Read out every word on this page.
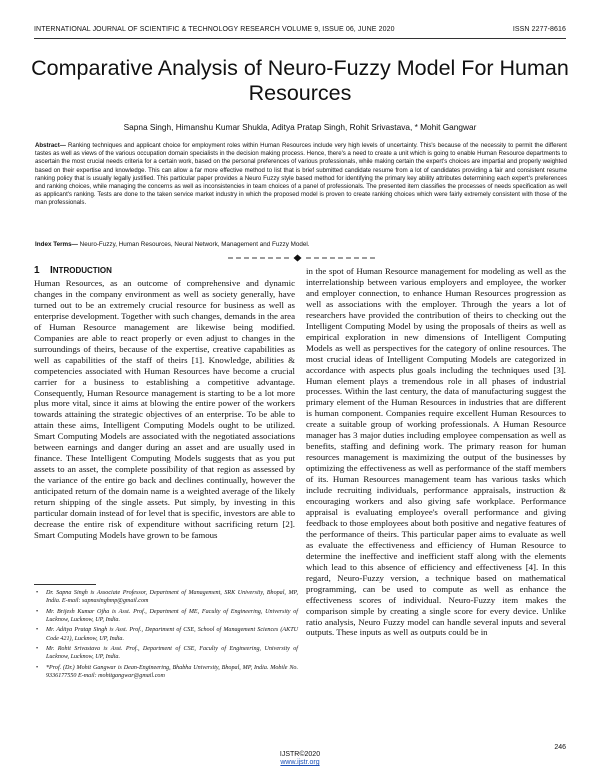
INTERNATIONAL JOURNAL OF SCIENTIFIC & TECHNOLOGY RESEARCH VOLUME 9, ISSUE 06, JUNE 2020	ISSN 2277-8616
Comparative Analysis of Neuro-Fuzzy Model For Human Resources
Sapna Singh, Himanshu Kumar Shukla, Aditya Pratap Singh, Rohit Srivastava, * Mohit Gangwar
Abstract— Ranking techniques and applicant choice for employment roles within Human Resources include very high levels of uncertainty. This's because of the necessity to permit the different tastes as well as views of the various occupation domain specialists in the decision making process. Hence, there's a need to create a unit which is going to enable Human Resource departments to ascertain the most crucial needs criteria for a certain work, based on the personal preferences of various professionals, while making certain the expert's choices are impartial and properly weighted based on their expertise and knowledge. This can allow a far more effective method to list that is brief submitted candidate resume from a lot of candidates providing a fair and consistent resume ranking policy that is usually legally justified. This particular paper provides a Neuro Fuzzy style based method for identifying the primary key ability attributes determining each expert's preferences and ranking choices, while managing the concerns as well as inconsistencies in team choices of a panel of professionals. The presented item classifies the processes of needs specification as well as applicant's ranking. Tests are done to the taken service market industry in which the proposed model is proven to create ranking choices which were fairly extremely consistent with those of the man professionals.
Index Terms— Neuro-Fuzzy, Human Resources, Neural Network, Management and Fuzzy Model.
1 INTRODUCTION
Human Resources, as an outcome of comprehensive and dynamic changes in the company environment as well as society generally, have turned out to be an extremely crucial resource for business as well as enterprise development. Together with such changes, demands in the area of Human Resource management are likewise being modified. Companies are able to react properly or even adjust to changes in the surroundings of theirs, because of the expertise, creative capabilities as well as capabilities of the staff of theirs [1]. Knowledge, abilities & competencies associated with Human Resources have become a crucial carrier for a business to establishing a competitive advantage. Consequently, Human Resource management is starting to be a lot more plus more vital, since it aims at blowing the entire power of the workers towards attaining the strategic objectives of an enterprise. To be able to attain these aims, Intelligent Computing Models ought to be utilized. Smart Computing Models are associated with the negotiated associations between earnings and danger during an asset and are usually used in finance. These Intelligent Computing Models suggests that as you put assets to an asset, the complete possibility of that region as assessed by the variance of the entire go back and declines continually, however the anticipated return of the domain name is a weighted average of the likely return shipping of the single assets. Put simply, by investing in this particular domain instead of for level that is specific, investors are able to decrease the entire risk of expenditure without sacrificing return [2]. Smart Computing Models have grown to be famous
in the spot of Human Resource management for modeling as well as the interrelationship between various employers and employee, the worker and employer connection, to enhance Human Resources progression as well as associations with the employer. Through the years a lot of researchers have provided the contribution of theirs to checking out the Intelligent Computing Model by using the proposals of theirs as well as empirical exploration in new dimensions of Intelligent Computing Models as well as perspectives for the category of online resources. The most crucial ideas of Intelligent Computing Models are categorized in accordance with aspects plus goals including the techniques used [3]. Human element plays a tremendous role in all phases of industrial processes. Within the last century, the data of manufacturing suggest the primary element of the Human Resources in industries that are different is human component. Companies require excellent Human Resources to create a suitable group of working professionals. A Human Resource manager has 3 major duties including employee compensation as well as benefits, staffing and defining work. The primary reason for human resources management is maximizing the output of the businesses by optimizing the effectiveness as well as performance of the staff members of its. Human Resources management team has various tasks which include recruiting individuals, performance appraisals, instruction & encouraging workers and also giving safe workplace. Performance appraisal is evaluating employee's overall performance and giving feedback to those employees about both positive and negative features of the performance of theirs. This particular paper aims to evaluate as well as evaluate the effectiveness and efficiency of Human Resource to determine the ineffective and inefficient staff along with the elements which lead to this absence of efficiency and effectiveness [4]. In this regard, Neuro-Fuzzy version, a technique based on mathematical programming, can be used to compute as well as enhance the effectiveness scores of individual. Neuro-Fuzzy item makes the comparison simple by creating a single score for every device. Unlike ratio analysis, Neuro Fuzzy model can handle several inputs and several outputs. These inputs as well as outputs could be in
• Dr. Sapna Singh is Associate Professor, Department of Management, SRK University, Bhopal, MP, India. E-mail: sapnasinghmp@gmail.com
• Mr. Brijesh Kumar Ojha is Asst. Prof., Department of ME, Faculty of Engineering, University of Lucknow, Lucknow, UP, India.
• Mr. Aditya Pratap Singh is Asst. Prof., Department of CSE, School of Management Sciences (AKTU Code 421), Lucknow, UP, India.
• Mr. Rohit Srivastava is Asst. Prof., Department of CSE, Faculty of Engineering, University of Lucknow, Lucknow, UP, India.
• *Prof. (Dr.) Mohit Gangwar is Dean-Engineering, Bhabha University, Bhopal, MP, India. Mobile No. 9336177550 E-mail: mohitgangwar@gmail.com
246
IJSTR©2020
www.ijstr.org
